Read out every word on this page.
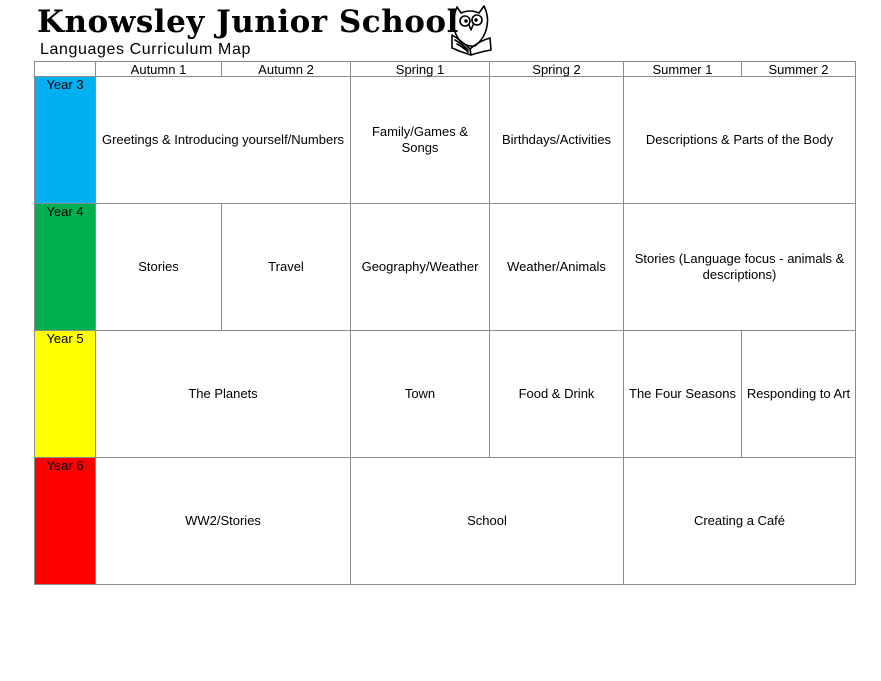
Knowsley Junior School
Languages Curriculum Map
	Autumn 1	Autumn 2	Spring 1	Spring 2	Summer 1	Summer 2
Year 3	Greetings & Introducing yourself/Numbers		Family/Games & Songs	Birthdays/Activities	Descriptions & Parts of the Body	
Year 4	Stories	Travel	Geography/Weather	Weather/Animals	Stories (Language focus - animals & descriptions)	
Year 5	The Planets		Town	Food & Drink	The Four Seasons	Responding to Art
Year 6	WW2/Stories		School		Creating a Café	
